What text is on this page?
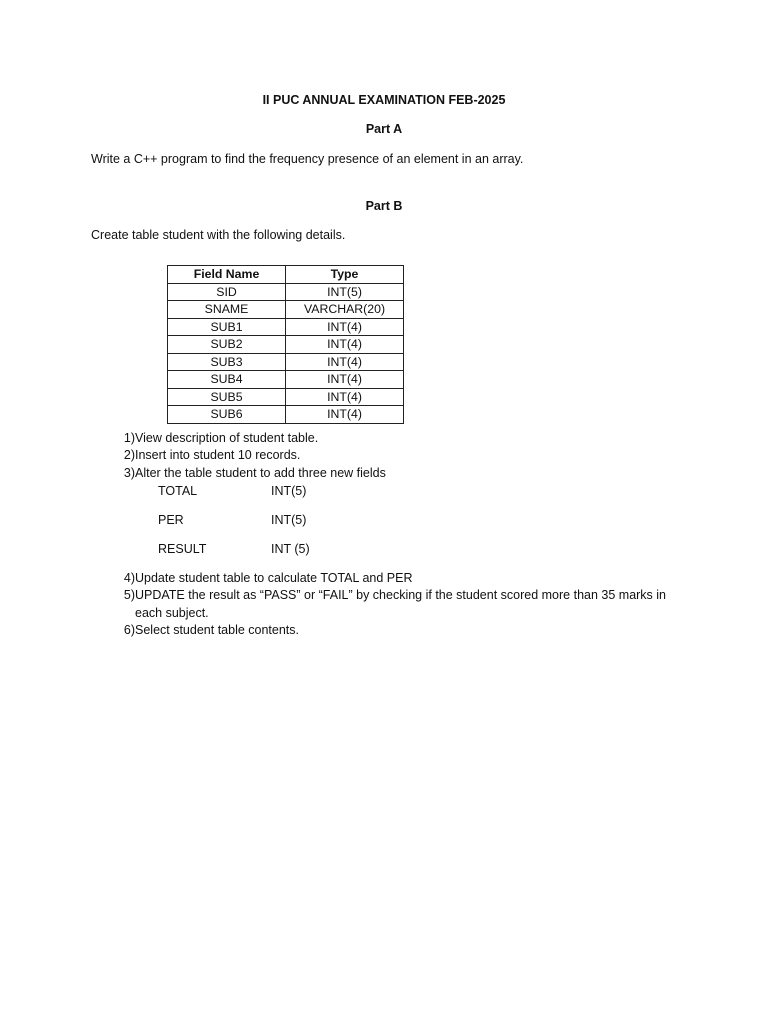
II PUC ANNUAL EXAMINATION FEB-2025
Part A
Write a C++ program to find the frequency presence of an element in an array.
Part B
Create table student with the following details.
Field Name	Type
SID	INT(5)
SNAME	VARCHAR(20)
SUB1	INT(4)
SUB2	INT(4)
SUB3	INT(4)
SUB4	INT(4)
SUB5	INT(4)
SUB6	INT(4)
1) View description of student table.
2) Insert into student 10 records.
3) Alter the table student to add three new fields
TOTAL	INT(5)
PER	INT(5)
RESULT	INT (5)
4) Update student table to calculate TOTAL and PER
5) UPDATE the result as “PASS” or “FAIL” by checking if the student scored more than 35 marks in
each subject.
6) Select student table contents.
